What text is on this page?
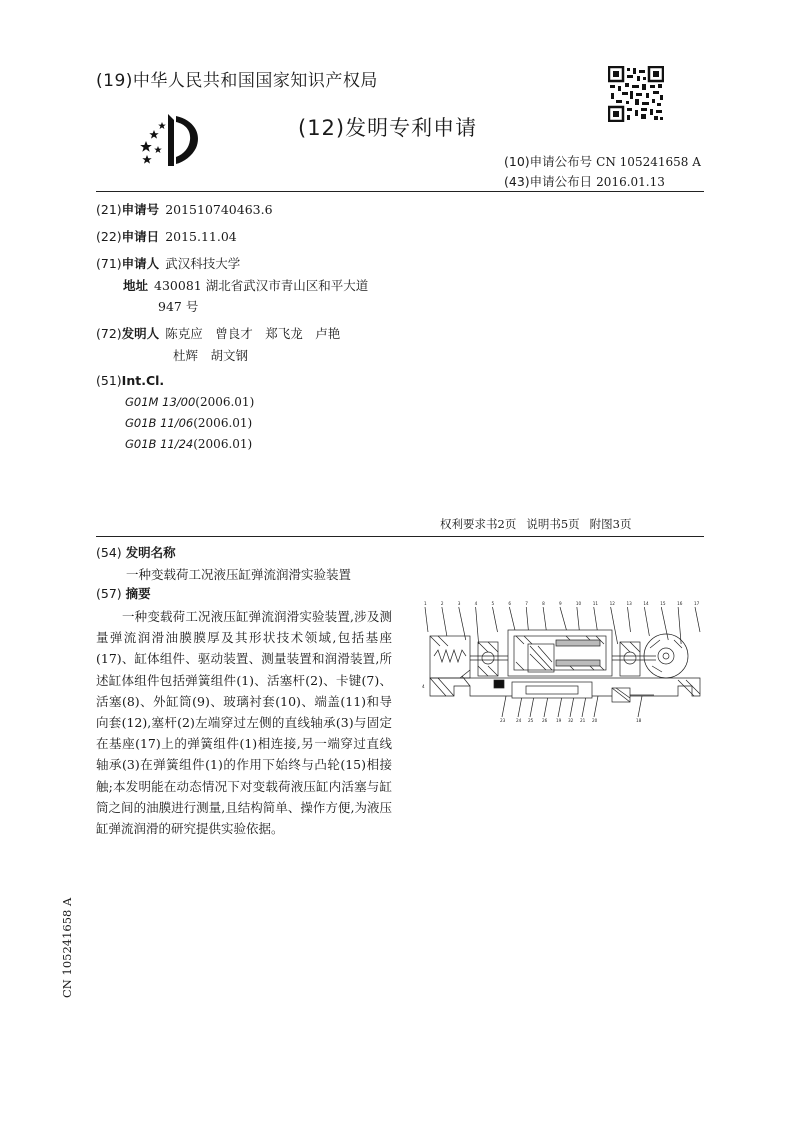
(19)中华人民共和国国家知识产权局
(12)发明专利申请
(10)申请公布号 CN 105241658 A
(43)申请公布日 2016.01.13
(21)申请号 201510740463.6
(22)申请日 2015.11.04
(71)申请人 武汉科技大学
地址 430081 湖北省武汉市青山区和平大道
947 号
(72)发明人 陈克应　曾良才　郑飞龙　卢艳
杜辉　胡文钢
(51)Int.Cl.
G01M 13/00(2006.01)
G01B 11/06(2006.01)
G01B 11/24(2006.01)
权利要求书2页 说明书5页 附图3页
(54) 发明名称
一种变载荷工况液压缸弹流润滑实验装置
(57) 摘要
一种变载荷工况液压缸弹流润滑实验装置,涉及测量弹流润滑油膜膜厚及其形状技术领域,包括基座(17)、缸体组件、驱动装置、测量装置和润滑装置,所述缸体组件包括弹簧组件(1)、活塞杆(2)、卡键(7)、活塞(8)、外缸筒(9)、玻璃衬套(10)、端盖(11)和导向套(12),塞杆(2)左端穿过左侧的直线轴承(3)与固定在基座(17)上的弹簧组件(1)相连接,另一端穿过直线轴承(3)在弹簧组件(1)的作用下始终与凸轮(15)相接触;本发明能在动态情况下对变载荷液压缸内活塞与缸筒之间的油膜进行测量,且结构简单、操作方便,为液压缸弹流润滑的研究提供实验依据。
1	2	3	4	5	6	7	8	9	10	11	12	13	14	15	16	17
23	24 25 26 19 32 21 20	18
4
CN 105241658 A
